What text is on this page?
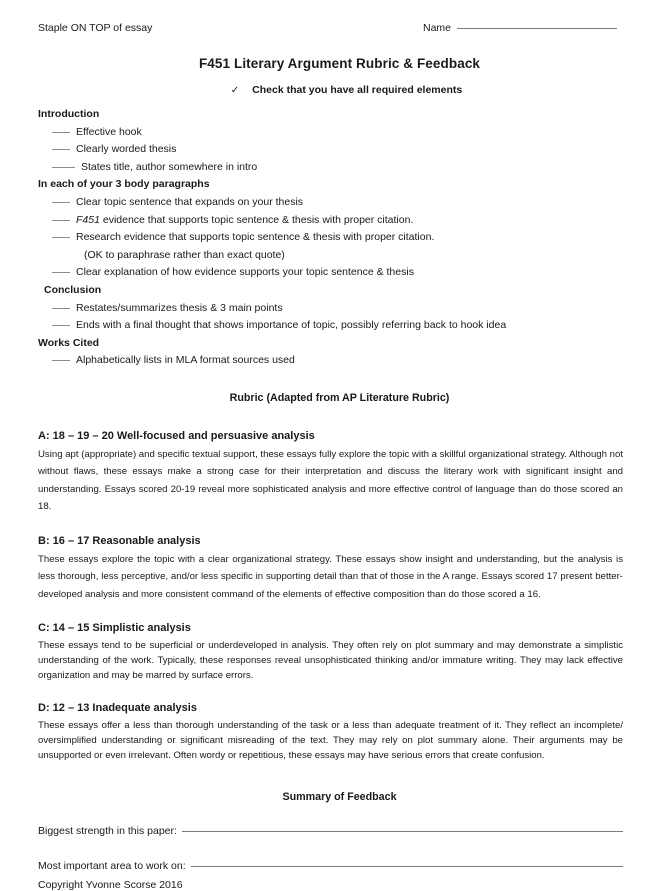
Staple ON TOP of essay	Name
F451 Literary Argument Rubric & Feedback
✓ Check that you have all required elements
Introduction
Effective hook
Clearly worded thesis
States title, author somewhere in intro
In each of your 3 body paragraphs
Clear topic sentence that expands on your thesis
F451 evidence that supports topic sentence & thesis with proper citation.
Research evidence that supports topic sentence & thesis with proper citation.
(OK to paraphrase rather than exact quote)
Clear explanation of how evidence supports your topic sentence & thesis
Conclusion
Restates/summarizes thesis & 3 main points
Ends with a final thought that shows importance of topic, possibly referring back to hook idea
Works Cited
Alphabetically lists in MLA format sources used
Rubric (Adapted from AP Literature Rubric)
A: 18 – 19 – 20 Well-focused and persuasive analysis
Using apt (appropriate) and specific textual support, these essays fully explore the topic with a skillful organizational strategy. Although not without flaws, these essays make a strong case for their interpretation and discuss the literary work with significant insight and understanding. Essays scored 20-19 reveal more sophisticated analysis and more effective control of language than do those scored an 18.
B: 16 – 17 Reasonable analysis
These essays explore the topic with a clear organizational strategy. These essays show insight and understanding, but the analysis is less thorough, less perceptive, and/or less specific in supporting detail than that of those in the A range. Essays scored 17 present better-developed analysis and more consistent command of the elements of effective composition than do those scored a 16.
C: 14 – 15 Simplistic analysis
These essays tend to be superficial or underdeveloped in analysis. They often rely on plot summary and may demonstrate a simplistic understanding of the work. Typically, these responses reveal unsophisticated thinking and/or immature writing. They may lack effective organization and may be marred by surface errors.
D: 12 – 13 Inadequate analysis
These essays offer a less than thorough understanding of the task or a less than adequate treatment of it. They reflect an incomplete/ oversimplified understanding or significant misreading of the text. They may rely on plot summary alone. Their arguments may be unsupported or even irrelevant. Often wordy or repetitious, these essays may have serious errors that create confusion.
Summary of Feedback
Biggest strength in this paper:
Most important area to work on:
Copyright Yvonne Scorse 2016
